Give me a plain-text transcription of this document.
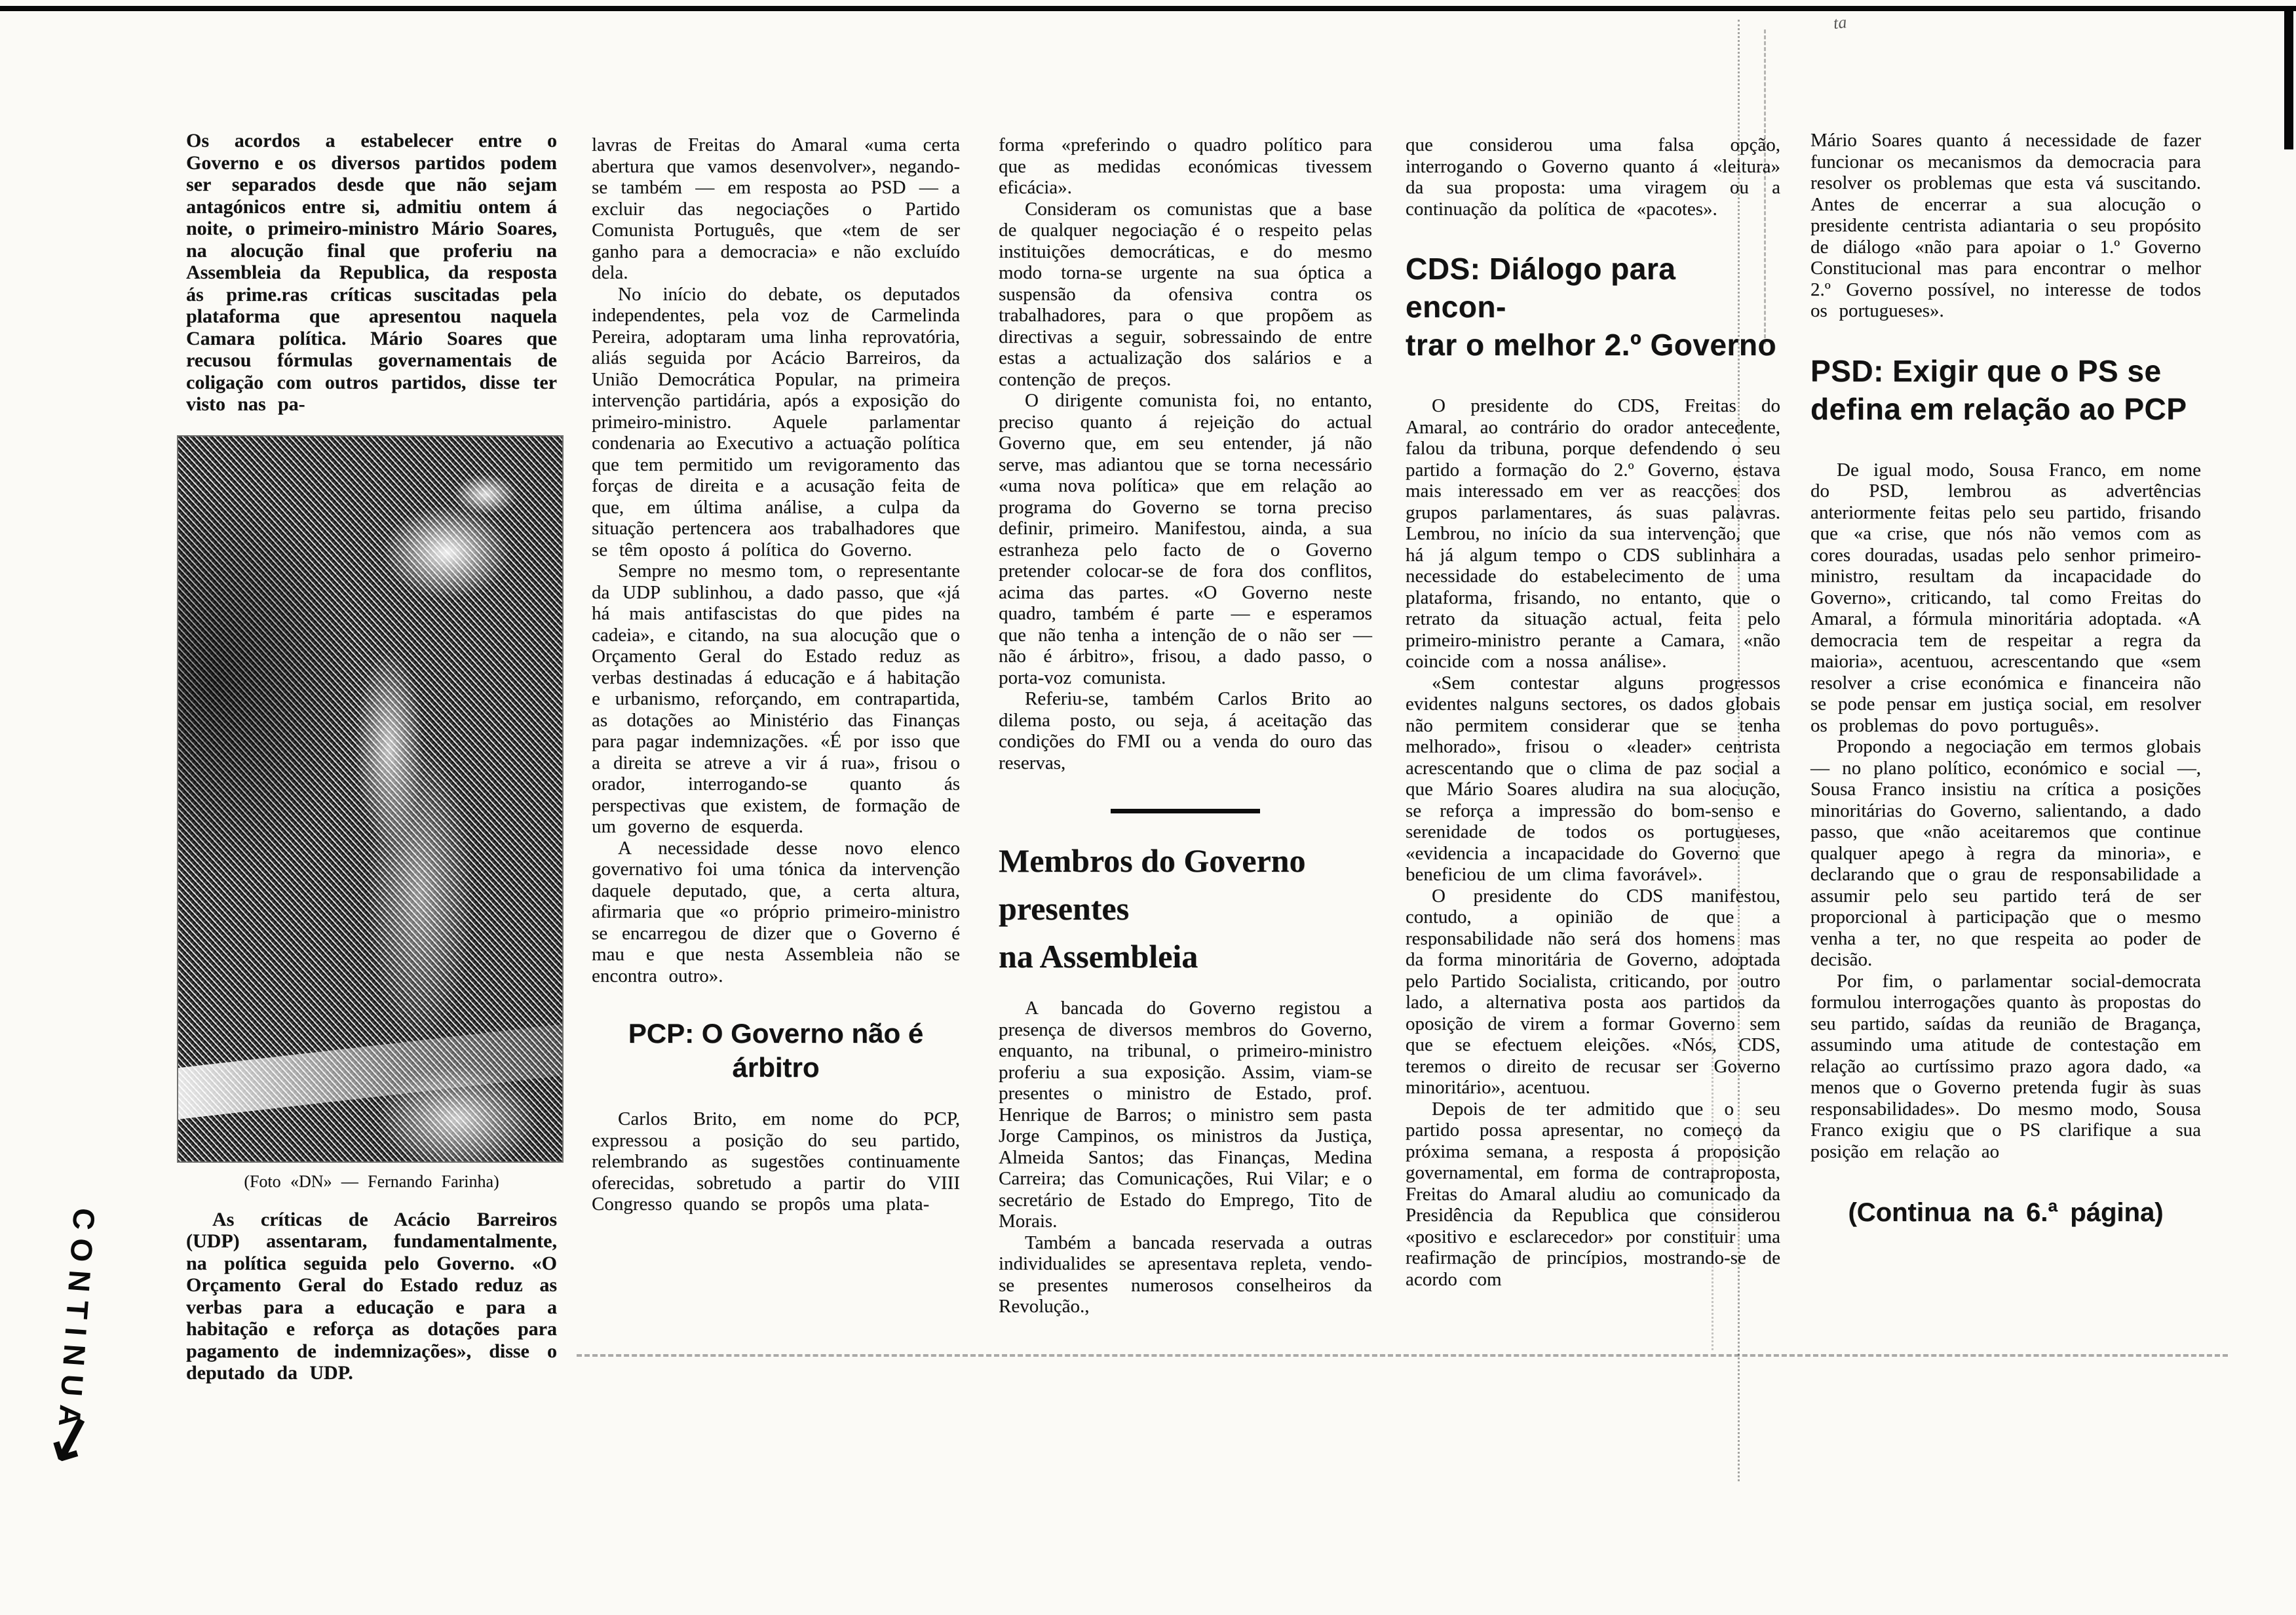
ta
CONTINUA
→

Os acordos a estabelecer entre o Governo e os diversos partidos podem ser separados desde que não sejam antagónicos entre si, admitiu ontem á noite, o primeiro-ministro Mário Soares, na alocução final que proferiu na Assembleia da Republica, da resposta ás prime.ras críticas suscitadas pela plataforma que apresentou naquela Camara política. Mário Soares que recusou fórmulas governamentais de coligação com outros partidos, disse ter visto nas pa-

(Foto «DN» — Fernando Farinha)

As críticas de Acácio Barreiros (UDP) assentaram, fundamentalmente, na política seguida pelo Governo. «O Orçamento Geral do Estado reduz as verbas para a educação e para a habitação e reforça as dotações para pagamento de indemnizações», disse o deputado da UDP.

lavras de Freitas do Amaral «uma certa abertura que vamos desenvolver», negando-se também — em resposta ao PSD — a excluir das negociações o Partido Comunista Português, que «tem de ser ganho para a democracia» e não excluído dela.

No início do debate, os deputados independentes, pela voz de Carmelinda Pereira, adoptaram uma linha reprovatória, aliás seguida por Acácio Barreiros, da União Democrática Popular, na primeira intervenção partidária, após a exposição do primeiro-ministro. Aquele parlamentar condenaria ao Executivo a actuação política que tem permitido um revigoramento das forças de direita e a acusação feita de que, em última análise, a culpa da situação pertencera aos trabalhadores que se têm oposto á política do Governo.

Sempre no mesmo tom, o representante da UDP sublinhou, a dado passo, que «já há mais antifascistas do que pides na cadeia», e citando, na sua alocução que o Orçamento Geral do Estado reduz as verbas destinadas á educação e á habitação e urbanismo, reforçando, em contrapartida, as dotações ao Ministério das Finanças para pagar indemnizações. «É por isso que a direita se atreve a vir á rua», frisou o orador, interrogando-se quanto ás perspectivas que existem, de formação de um governo de esquerda.

A necessidade desse novo elenco governativo foi uma tónica da intervenção daquele deputado, que, a certa altura, afirmaria que «o próprio primeiro-ministro se encarregou de dizer que o Governo é mau e que nesta Assembleia não se encontra outro».

PCP: O Governo não é
árbitro

Carlos Brito, em nome do PCP, expressou a posição do seu partido, relembrando as sugestões continuamente oferecidas, sobretudo a partir do VIII Congresso quando se propôs uma plata-

forma «preferindo o quadro político para que as medidas económicas tivessem eficácia».

Consideram os comunistas que a base de qualquer negociação é o respeito pelas instituições democráticas, e do mesmo modo torna-se urgente na sua óptica a suspensão da ofensiva contra os trabalhadores, para o que propõem as directivas a seguir, sobressaindo de entre estas a actualização dos salários e a contenção de preços.

O dirigente comunista foi, no entanto, preciso quanto á rejeição do actual Governo que, em seu entender, já não serve, mas adiantou que se torna necessário «uma nova política» que em relação ao programa do Governo se torna preciso definir, primeiro. Manifestou, ainda, a sua estranheza pelo facto de o Governo pretender colocar-se de fora dos conflitos, acima das partes. «O Governo neste quadro, também é parte — e esperamos que não tenha a intenção de o não ser — não é árbitro», frisou, a dado passo, o porta-voz comunista.

Referiu-se, também Carlos Brito ao dilema posto, ou seja, á aceitação das condições do FMI ou a venda do ouro das reservas,

Membros do Governo
presentes
na Assembleia

A bancada do Governo registou a presença de diversos membros do Governo, enquanto, na tribunal, o primeiro-ministro proferiu a sua exposição. Assim, viam-se presentes o ministro de Estado, prof. Henrique de Barros; o ministro sem pasta Jorge Campinos, os ministros da Justiça, Almeida Santos; das Finanças, Medina Carreira; das Comunicações, Rui Vilar; e o secretário de Estado do Emprego, Tito de Morais.

Também a bancada reservada a outras individualides se apresentava repleta, vendo-se presentes numerosos conselheiros da Revolução.,

que considerou uma falsa opção, interrogando o Governo quanto á «leitura» da sua proposta: uma viragem ou a continuação da política de «pacotes».

CDS: Diálogo para encon-
trar o melhor 2.º Governo

O presidente do CDS, Freitas do Amaral, ao contrário do orador antecedente, falou da tribuna, porque defendendo o seu partido a formação do 2.º Governo, estava mais interessado em ver as reacções dos grupos parlamentares, ás suas palavras. Lembrou, no início da sua intervenção, que há já algum tempo o CDS sublinhara a necessidade do estabelecimento de uma plataforma, frisando, no entanto, que o retrato da situação actual, feita pelo primeiro-ministro perante a Camara, «não coincide com a nossa análise».

«Sem contestar alguns progressos evidentes nalguns sectores, os dados globais não permitem considerar que se tenha melhorado», frisou o «leader» centrista acrescentando que o clima de paz social a que Mário Soares aludira na sua alocução, se reforça a impressão do bom-senso e serenidade de todos os portugueses, «evidencia a incapacidade do Governo que beneficiou de um clima favorável».

O presidente do CDS manifestou, contudo, a opinião de que a responsabilidade não será dos homens mas da forma minoritária de Governo, adoptada pelo Partido Socialista, criticando, por outro lado, a alternativa posta aos partidos da oposição de virem a formar Governo sem que se efectuem eleições. «Nós, CDS, teremos o direito de recusar ser Governo minoritário», acentuou.

Depois de ter admitido que o seu partido possa apresentar, no começo da próxima semana, a resposta á proposição governamental, em forma de contraproposta, Freitas do Amaral aludiu ao comunicado da Presidência da Republica que considerou «positivo e esclarecedor» por constituir uma reafirmação de princípios, mostrando-se de acordo com

Mário Soares quanto á necessidade de fazer funcionar os mecanismos da democracia para resolver os problemas que esta vá suscitando. Antes de encerrar a sua alocução o presidente centrista adiantaria o seu propósito de diálogo «não para apoiar o 1.º Governo Constitucional mas para encontrar o melhor 2.º Governo possível, no interesse de todos os portugueses».

PSD: Exigir que o PS se
defina em relação ao PCP

De igual modo, Sousa Franco, em nome do PSD, lembrou as advertências anteriormente feitas pelo seu partido, frisando que «a crise, que nós não vemos com as cores douradas, usadas pelo senhor primeiro-ministro, resultam da incapacidade do Governo», criticando, tal como Freitas do Amaral, a fórmula minoritária adoptada. «A democracia tem de respeitar a regra da maioria», acentuou, acrescentando que «sem resolver a crise económica e financeira não se pode pensar em justiça social, em resolver os problemas do povo português».

Propondo a negociação em termos globais — no plano político, económico e social —, Sousa Franco insistiu na crítica a posições minoritárias do Governo, salientando, a dado passo, que «não aceitaremos que continue qualquer apego à regra da minoria», e declarando que o grau de responsabilidade a assumir pelo seu partido terá de ser proporcional à participação que o mesmo venha a ter, no que respeita ao poder de decisão.

Por fim, o parlamentar social-democrata formulou interrogações quanto às propostas do seu partido, saídas da reunião de Bragança, assumindo uma atitude de contestação em relação ao curtíssimo prazo agora dado, «a menos que o Governo pretenda fugir às suas responsabilidades». Do mesmo modo, Sousa Franco exigiu que o PS clarifique a sua posição em relação ao

(Continua na 6.ª página)
